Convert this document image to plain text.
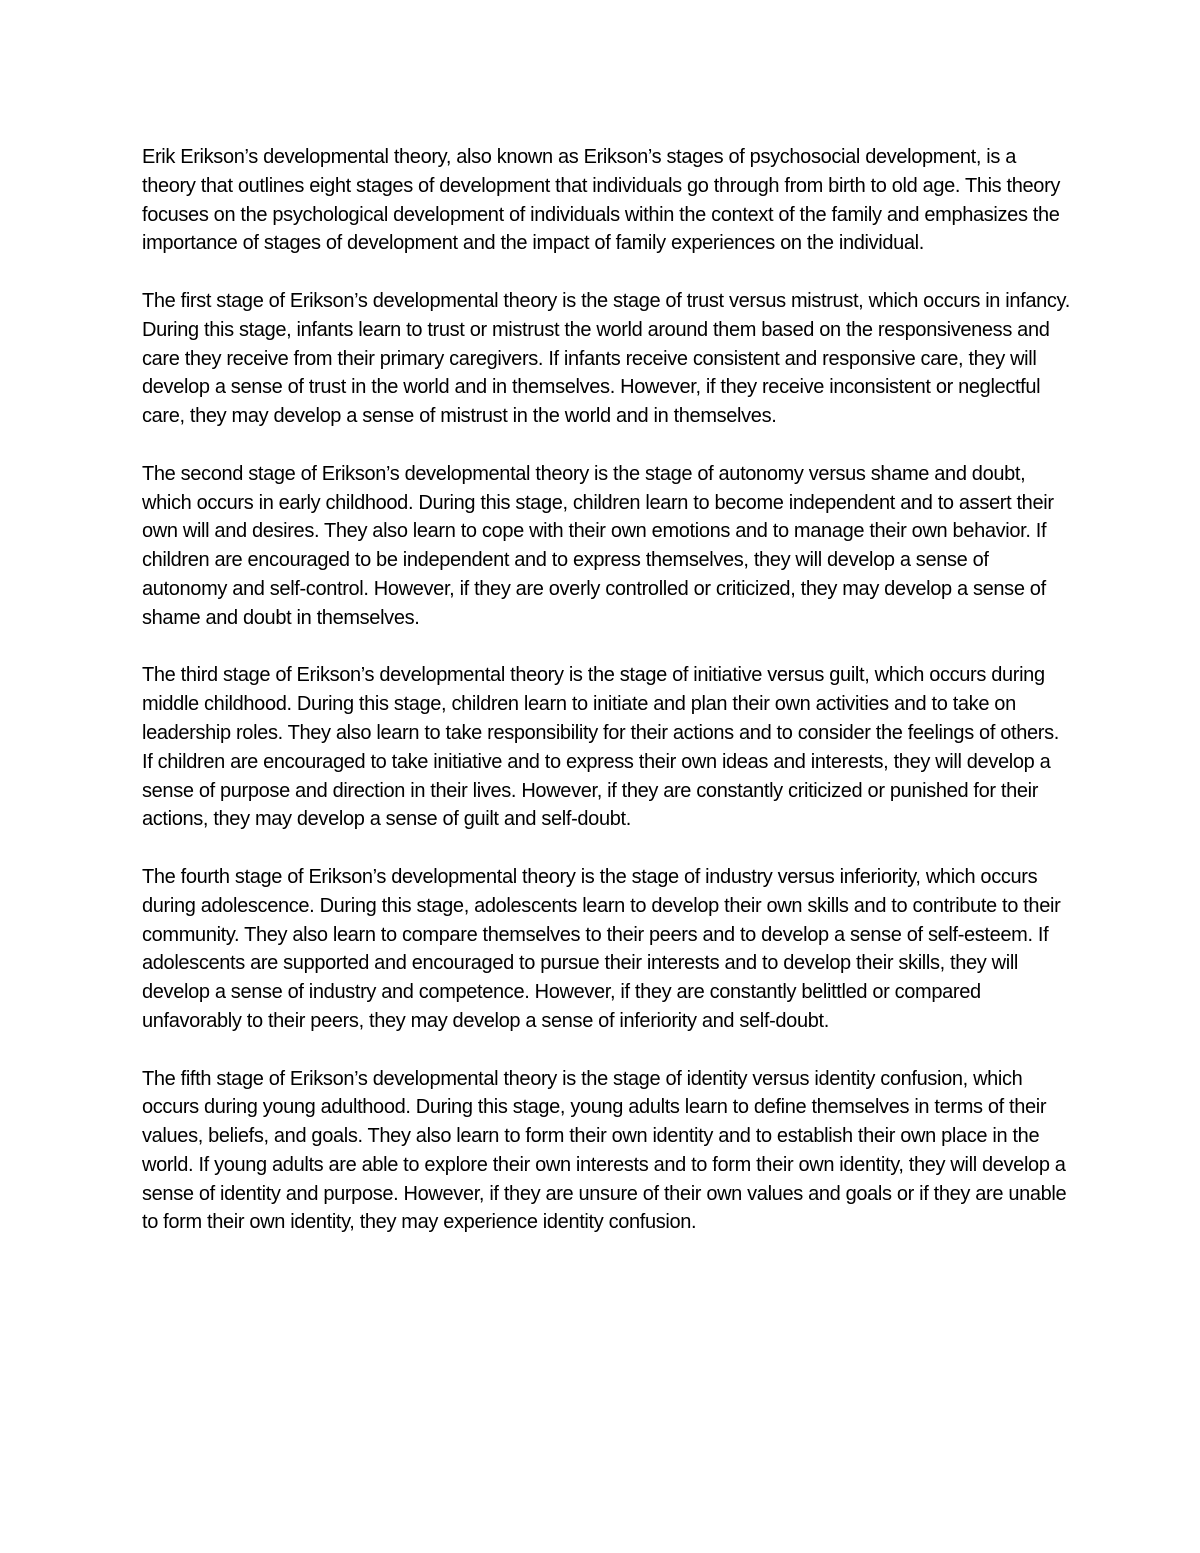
Erik Erikson’s developmental theory, also known as Erikson’s stages of psychosocial development, is a theory that outlines eight stages of development that individuals go through from birth to old age. This theory focuses on the psychological development of individuals within the context of the family and emphasizes the importance of stages of development and the impact of family experiences on the individual.

The first stage of Erikson’s developmental theory is the stage of trust versus mistrust, which occurs in infancy. During this stage, infants learn to trust or mistrust the world around them based on the responsiveness and care they receive from their primary caregivers. If infants receive consistent and responsive care, they will develop a sense of trust in the world and in themselves. However, if they receive inconsistent or neglectful care, they may develop a sense of mistrust in the world and in themselves.

The second stage of Erikson’s developmental theory is the stage of autonomy versus shame and doubt, which occurs in early childhood. During this stage, children learn to become independent and to assert their own will and desires. They also learn to cope with their own emotions and to manage their own behavior. If children are encouraged to be independent and to express themselves, they will develop a sense of autonomy and self-control. However, if they are overly controlled or criticized, they may develop a sense of shame and doubt in themselves.

The third stage of Erikson’s developmental theory is the stage of initiative versus guilt, which occurs during middle childhood. During this stage, children learn to initiate and plan their own activities and to take on leadership roles. They also learn to take responsibility for their actions and to consider the feelings of others. If children are encouraged to take initiative and to express their own ideas and interests, they will develop a sense of purpose and direction in their lives. However, if they are constantly criticized or punished for their actions, they may develop a sense of guilt and self-doubt.

The fourth stage of Erikson’s developmental theory is the stage of industry versus inferiority, which occurs during adolescence. During this stage, adolescents learn to develop their own skills and to contribute to their community. They also learn to compare themselves to their peers and to develop a sense of self-esteem. If adolescents are supported and encouraged to pursue their interests and to develop their skills, they will develop a sense of industry and competence. However, if they are constantly belittled or compared unfavorably to their peers, they may develop a sense of inferiority and self-doubt.

The fifth stage of Erikson’s developmental theory is the stage of identity versus identity confusion, which occurs during young adulthood. During this stage, young adults learn to define themselves in terms of their values, beliefs, and goals. They also learn to form their own identity and to establish their own place in the world. If young adults are able to explore their own interests and to form their own identity, they will develop a sense of identity and purpose. However, if they are unsure of their own values and goals or if they are unable to form their own identity, they may experience identity confusion.
